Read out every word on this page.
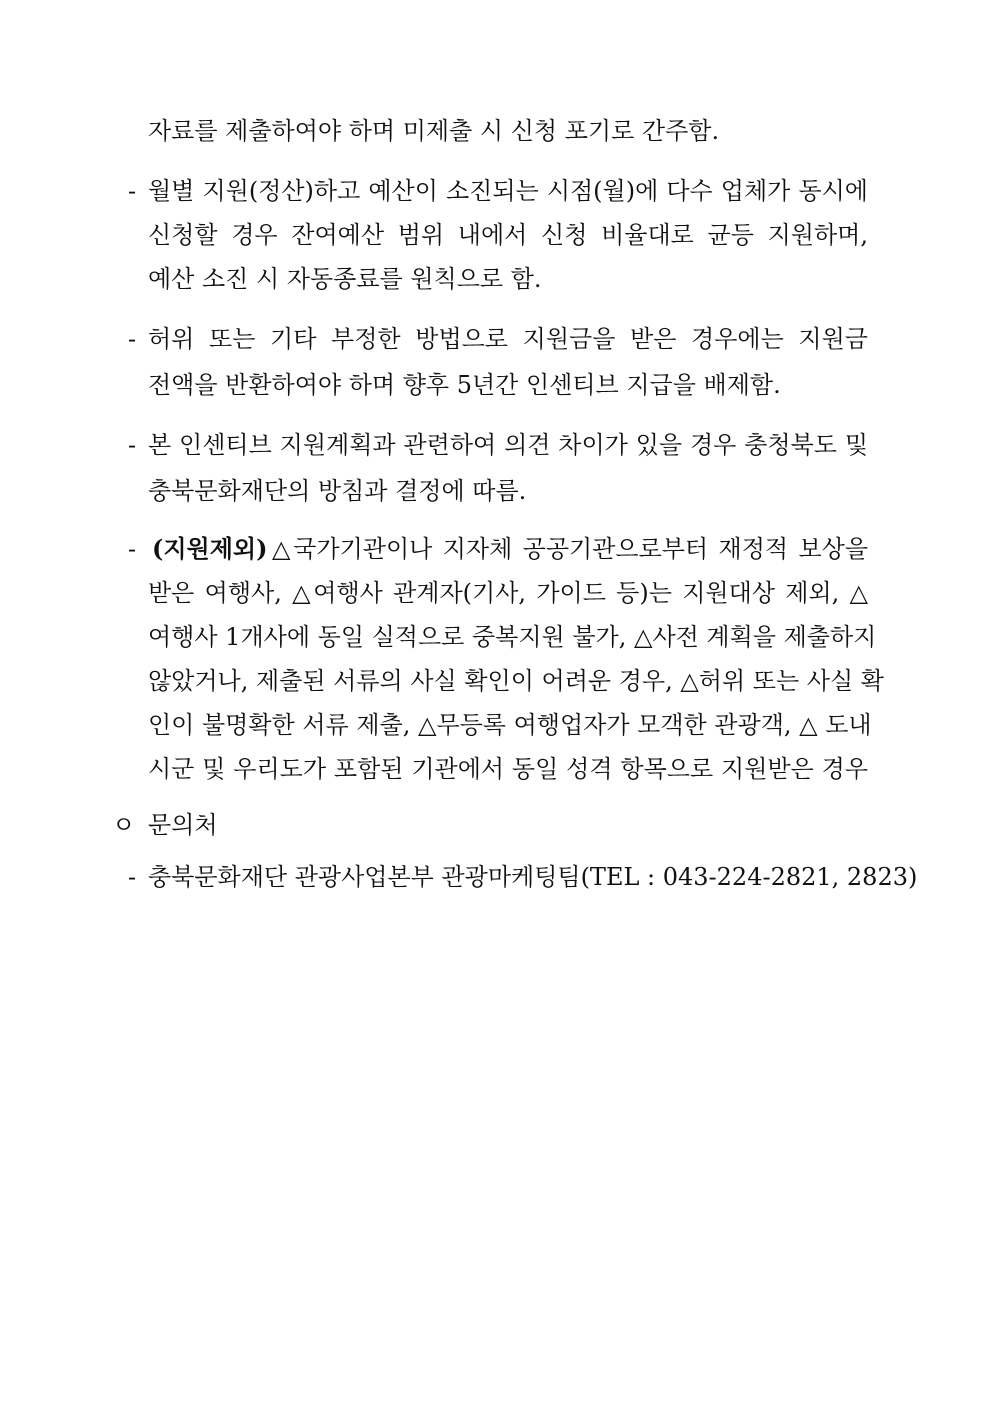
자료를 제출하여야 하며 미제출 시 신청 포기로 간주함.
- 월별 지원(정산)하고 예산이 소진되는 시점(월)에 다수 업체가 동시에
신청할 경우 잔여예산 범위 내에서 신청 비율대로 균등 지원하며,
예산 소진 시 자동종료를 원칙으로 함.
- 허위 또는 기타 부정한 방법으로 지원금을 받은 경우에는 지원금
전액을 반환하여야 하며 향후 5년간 인센티브 지급을 배제함.
- 본 인센티브 지원계획과 관련하여 의견 차이가 있을 경우 충청북도 및
충북문화재단의 방침과 결정에 따름.
- (지원제외) △국가기관이나 지자체 공공기관으로부터 재정적 보상을
받은 여행사, △여행사 관계자(기사, 가이드 등)는 지원대상 제외, △
여행사 1개사에 동일 실적으로 중복지원 불가, △사전 계획을 제출하지
않았거나, 제출된 서류의 사실 확인이 어려운 경우, △허위 또는 사실 확
인이 불명확한 서류 제출, △무등록 여행업자가 모객한 관광객, △ 도내
시군 및 우리도가 포함된 기관에서 동일 성격 항목으로 지원받은 경우
ㅇ 문의처
- 충북문화재단 관광사업본부 관광마케팅팀(TEL : 043-224-2821, 2823)
